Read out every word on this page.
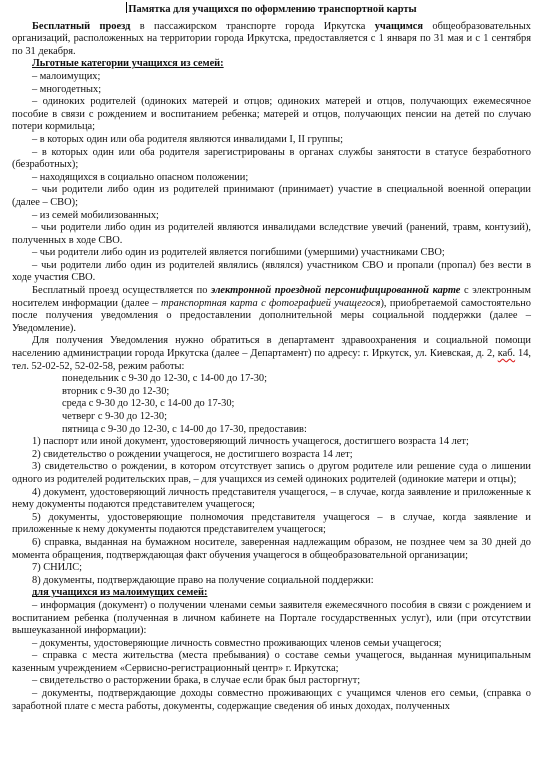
Памятка для учащихся по оформлению транспортной карты

Бесплатный проезд в пассажирском транспорте города Иркутска учащимся общеобразовательных организаций, расположенных на территории города Иркутска, предоставляется с 1 января по 31 мая и с 1 сентября по 31 декабря.

Льготные категории учащихся из семей:

– малоимущих;

– многодетных;

– одиноких родителей (одиноких матерей и отцов; одиноких матерей и отцов, получающих ежемесячное пособие в связи с рождением и воспитанием ребенка; матерей и отцов, получающих пенсии на детей по случаю потери кормильца;

– в которых один или оба родителя являются инвалидами I, II группы;

– в которых один или оба родителя зарегистрированы в органах службы занятости в статусе безработного (безработных);

– находящихся в социально опасном положении;

– чьи родители либо один из родителей принимают (принимает) участие в специальной военной операции (далее – СВО);

– из семей мобилизованных;

– чьи родители либо один из родителей являются инвалидами вследствие увечий (ранений, травм, контузий), полученных в ходе СВО.

– чьи родители либо один из родителей является погибшими (умершими) участниками СВО;

– чьи родители либо один из родителей являлись (являлся) участником СВО и пропали (пропал) без вести в ходе участия СВО.

Бесплатный проезд осуществляется по электронной проездной персонифицированной карте с электронным носителем информации (далее – транспортная карта с фотографией учащегося), приобретаемой самостоятельно после получения уведомления о предоставлении дополнительной меры социальной поддержки (далее – Уведомление).

Для получения Уведомления нужно обратиться в департамент здравоохранения и социальной помощи населению администрации города Иркутска (далее – Департамент) по адресу: г. Иркутск, ул. Киевская, д. 2, каб. 14, тел. 52-02-52, 52-02-58, режим работы:

понедельник с 9-30 до 12-30, с 14-00 до 17-30;

вторник с 9-30 до 12-30;

среда с 9-30 до 12-30, с 14-00 до 17-30;

четверг с 9-30 до 12-30;

пятница с 9-30 до 12-30, с 14-00 до 17-30, предоставив:

1) паспорт или иной документ, удостоверяющий личность учащегося, достигшего возраста 14 лет;

2) свидетельство о рождении учащегося, не достигшего возраста 14 лет;

3) свидетельство о рождении, в котором отсутствует запись о другом родителе или решение суда о лишении одного из родителей родительских прав, – для учащихся из семей одиноких родителей (одинокие матери и отцы);

4) документ, удостоверяющий личность представителя учащегося, – в случае, когда заявление и приложенные к нему документы подаются представителем учащегося;

5) документы, удостоверяющие полномочия представителя учащегося – в случае, когда заявление и приложенные к нему документы подаются представителем учащегося;

6) справка, выданная на бумажном носителе, заверенная надлежащим образом, не позднее чем за 30 дней до момента обращения, подтверждающая факт обучения учащегося в общеобразовательной организации;

7) СНИЛС;

8) документы, подтверждающие право на получение социальной поддержки:

для учащихся из малоимущих семей:

– информация (документ) о получении членами семьи заявителя ежемесячного пособия в связи с рождением и воспитанием ребенка (полученная в личном кабинете на Портале государственных услуг), или (при отсутствии вышеуказанной информации):

– документы, удостоверяющие личность совместно проживающих членов семьи учащегося;

– справка с места жительства (места пребывания) о составе семьи учащегося, выданная муниципальным казенным учреждением «Сервисно-регистрационный центр» г. Иркутска;

– свидетельство о расторжении брака, в случае если брак был расторгнут;

– документы, подтверждающие доходы совместно проживающих с учащимся членов его семьи, (справка о заработной плате с места работы, документы, содержащие сведения об иных доходах, полученных
